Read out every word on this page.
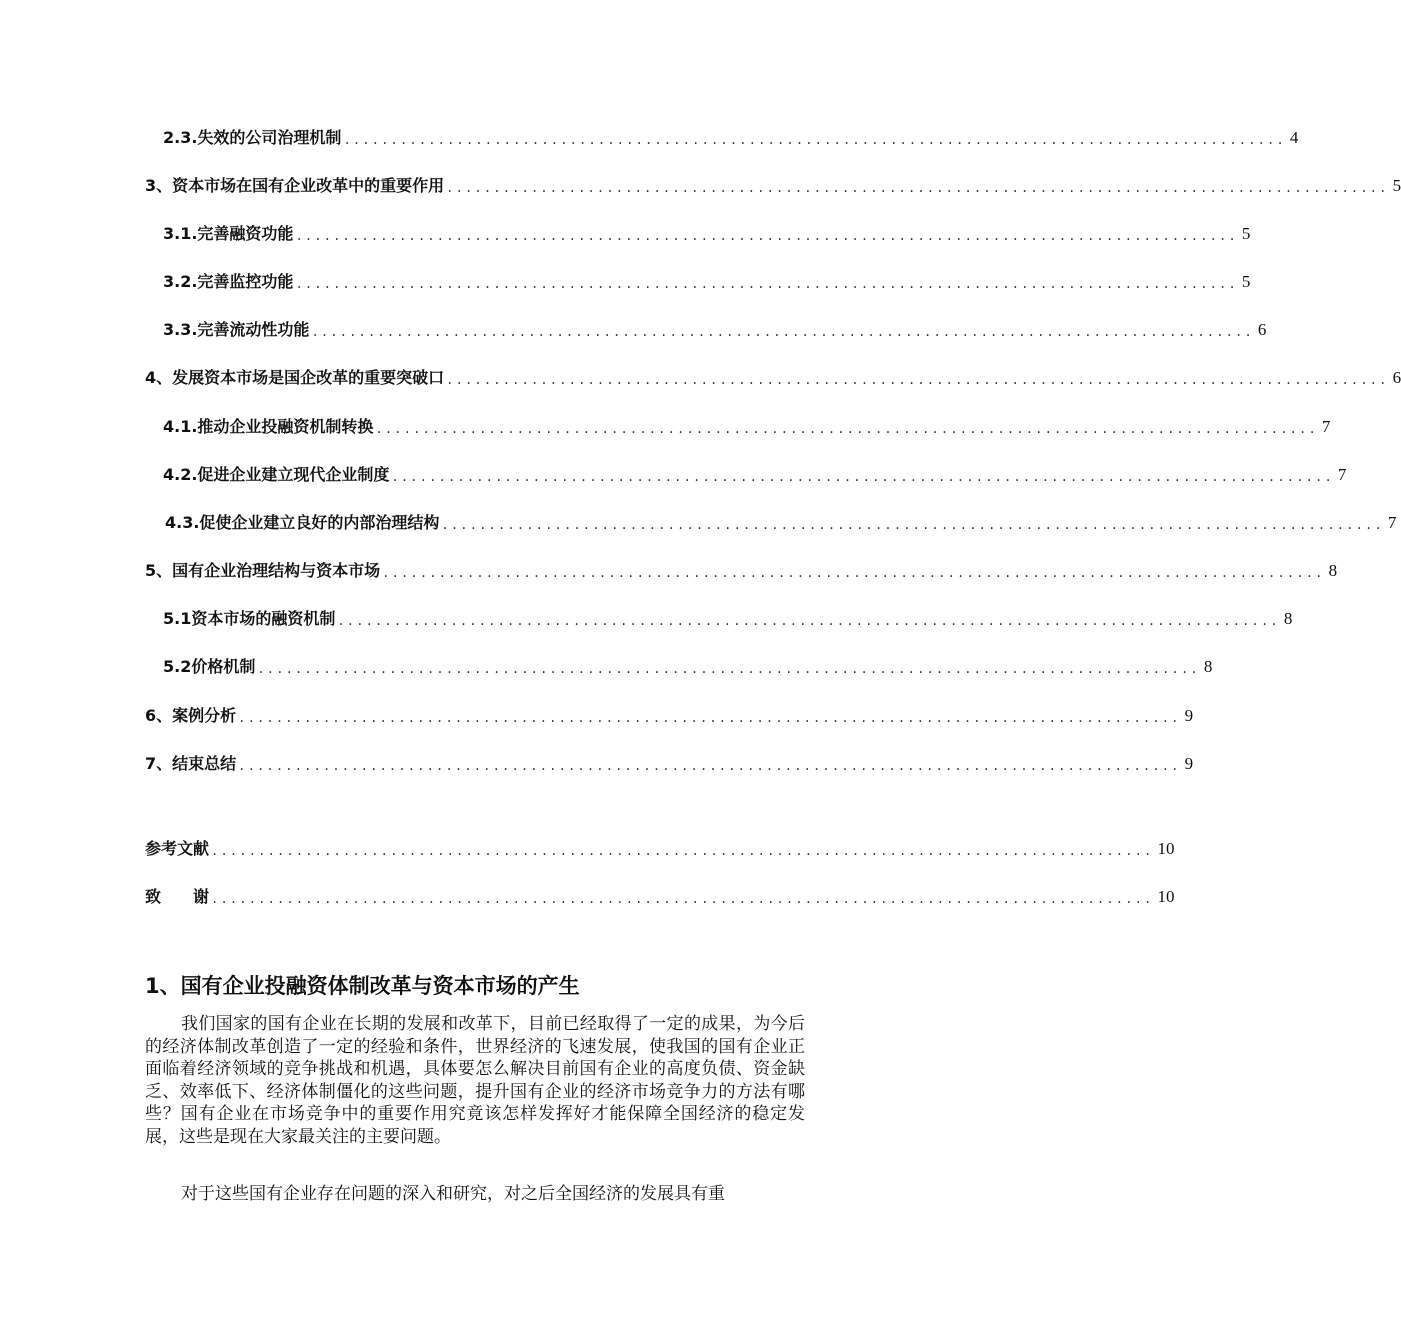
2.3.失效的公司治理机制 .................................................................................................... 4
3、资本市场在国有企业改革中的重要作用 .................................................................................................... 5
3.1.完善融资功能 .................................................................................................... 5
3.2.完善监控功能 .................................................................................................... 5
3.3.完善流动性功能 .................................................................................................... 6
4、发展资本市场是国企改革的重要突破口 .................................................................................................... 6
4.1.推动企业投融资机制转换 .................................................................................................... 7
4.2.促进企业建立现代企业制度 .................................................................................................... 7
4.3.促使企业建立良好的内部治理结构 .................................................................................................... 7
5、国有企业治理结构与资本市场 .................................................................................................... 8
5.1资本市场的融资机制 .................................................................................................... 8
5.2价格机制 .................................................................................................... 8
6、案例分析 .................................................................................................... 9
7、结束总结 .................................................................................................... 9
参考文献 .................................................................................................... 10
致　　谢 .................................................................................................... 10
1、国有企业投融资体制改革与资本市场的产生

我们国家的国有企业在长期的发展和改革下，目前已经取得了一定的成果，为今后的经济体制改革创造了一定的经验和条件，世界经济的飞速发展，使我国的国有企业正面临着经济领域的竞争挑战和机遇，具体要怎么解决目前国有企业的高度负债、资金缺乏、效率低下、经济体制僵化的这些问题，提升国有企业的经济市场竞争力的方法有哪些？国有企业在市场竞争中的重要作用究竟该怎样发挥好才能保障全国经济的稳定发展，这些是现在大家最关注的主要问题。

对于这些国有企业存在问题的深入和研究，对之后全国经济的发展具有重
